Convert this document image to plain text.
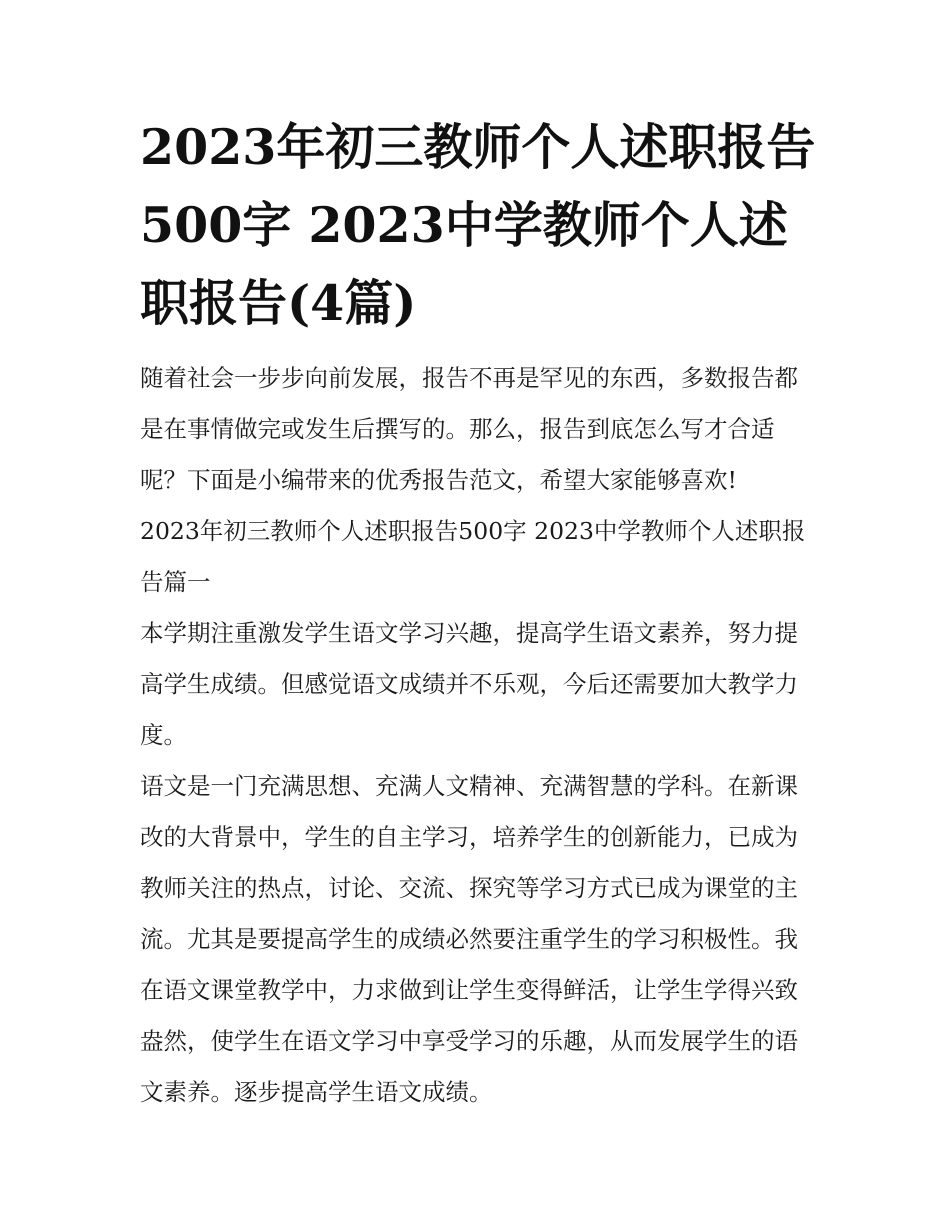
2023年初三教师个人述职报告500字 2023中学教师个人述职报告(4篇)

随着社会一步步向前发展，报告不再是罕见的东西，多数报告都是在事情做完或发生后撰写的。那么，报告到底怎么写才合适呢？下面是小编带来的优秀报告范文，希望大家能够喜欢!

2023年初三教师个人述职报告500字 2023中学教师个人述职报告篇一

本学期注重激发学生语文学习兴趣，提高学生语文素养，努力提高学生成绩。但感觉语文成绩并不乐观，今后还需要加大教学力度。

语文是一门充满思想、充满人文精神、充满智慧的学科。在新课改的大背景中，学生的自主学习，培养学生的创新能力，已成为教师关注的热点，讨论、交流、探究等学习方式已成为课堂的主流。尤其是要提高学生的成绩必然要注重学生的学习积极性。我在语文课堂教学中，力求做到让学生变得鲜活，让学生学得兴致盎然，使学生在语文学习中享受学习的乐趣，从而发展学生的语文素养。逐步提高学生语文成绩。
